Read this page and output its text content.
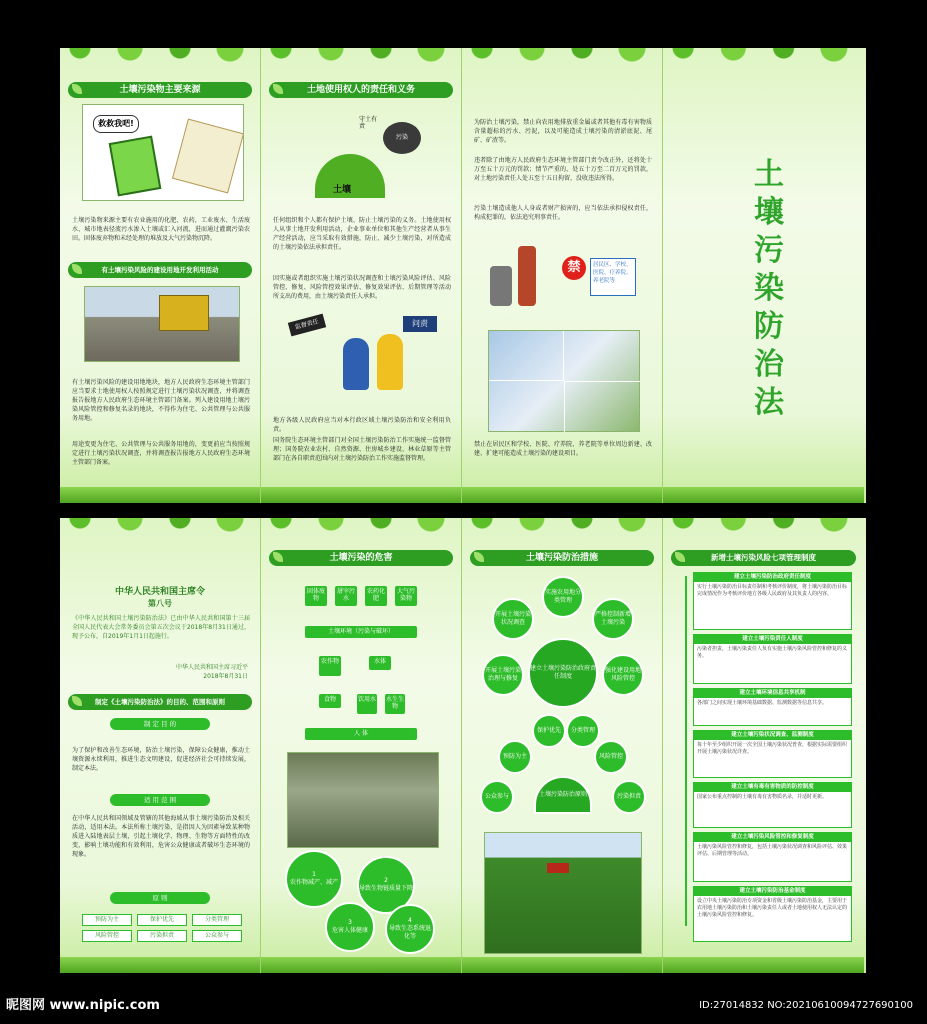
土壤污染物主要来源
救救我吧!

土壤污染物来源主要有农业施用的化肥、农药，工业废水、生活废水、城市地表径流污水渗入土壤或汇入河流，进而通过灌溉污染农田。固体废弃物和未经处理的堆放及大气污染物沉降。

有土壤污染风险的建设用地开发利用活动

有土壤污染风险的建设用地地块，地方人民政府生态环境主管部门应当要求土地使用权人按照规定进行土壤污染状况调查，并将调查报告报地方人民政府生态环境主管部门备案。列入建设用地土壤污染风险管控和修复名录的地块，不得作为住宅、公共管理与公共服务用地。

用途变更为住宅、公共管理与公共服务用地的，变更前应当按照规定进行土壤污染状况调查，并将调查报告报地方人民政府生态环境主管部门备案。

土地使用权人的责任和义务
土壤
守土有责
污染

任何组织和个人都有保护土壤、防止土壤污染的义务。土地使用权人从事土地开发利用活动，企业事业单位和其他生产经营者从事生产经营活动，应当采取有效措施，防止、减少土壤污染，对所造成的土壤污染依法承担责任。

因实施或者组织实施土壤污染状况调查和土壤污染风险评估、风险管控、修复、风险管控效果评估、修复效果评估、后期管理等活动所支出的费用，由土壤污染责任人承担。

监督责任	问责

地方各级人民政府应当对本行政区域土壤污染防治和安全利用负责。

国务院生态环境主管部门对全国土壤污染防治工作实施统一监督管理；国务院农业农村、自然资源、住房城乡建设、林业草原等主管部门在各自职责范围内对土壤污染防治工作实施监督管理。

为防治土壤污染，禁止向农用地排放重金属或者其他有毒有害物质含量超标的污水、污泥，以及可能造成土壤污染的清淤底泥、尾矿、矿渣等。

违者除了由地方人民政府生态环境主管部门责令改正外，还将处十万至五十万元的罚款；情节严重的，处五十万至二百万元的罚款，对土地污染责任人处五至十五日拘留，没收违法所得。

污染土壤造成他人人身或者财产损害的，应当依法承担侵权责任，构成犯罪的，依法追究刑事责任。

禁	居民区、学校、医院、疗养院、养老院等

禁止在居民区和学校、医院、疗养院、养老院等单位周边新建、改建、扩建可能造成土壤污染的建设项目。

土壤污染防治法
中华人民共和国主席令
第八号

《中华人民共和国土壤污染防治法》已由中华人民共和国第十三届全国人民代表大会常务委员会第五次会议于2018年8月31日通过，现予公布，自2019年1月1日起施行。

中华人民共和国主席习近平
2018年8月31日
制定《土壤污染防治法》的目的、范围和原则
制 定 目 的

为了保护和改善生态环境，防治土壤污染，保障公众健康，推动土壤资源永续利用，推进生态文明建设，促进经济社会可持续发展，制定本法。

适 用 范 围

在中华人民共和国领域及管辖的其他海域从事土壤污染防治及相关活动，适用本法。本法所称土壤污染，是指因人为因素导致某种物质进入陆地表层土壤，引起土壤化学、物理、生物等方面特性的改变，影响土壤功能和有效利用，危害公众健康或者破坏生态环境的现象。

原 则
预防为主	保护优先	分类管理
风险管控	污染担责	公众参与
土壤污染的危害
固体废物
屠宰污水
农药化肥
大气污染物
土壤环境（污染与破坏）
农作物	水体
食物	饮用水 水生生物
人 体
1
农作物减产、减产	2
导致生物链质量下降
3
危害人体健康
4
导致生态系统退化等
土壤污染防治措施
建立土壤污染防治政府责任制度
实施农用地分类管理
严格控制新增土壤污染
强化建设用地风险管控
开展土壤污染治理与修复
开展土壤污染状况调查
土壤污染防治原则
公众参与
预防为主
保护优先	分类管理
风险管控
污染担责
新增土壤污染风险七项管理制度
建立土壤污染防治政府责任制度
实行土壤污染防治目标责任制和考核评价制度，将土壤污染防治目标完成情况作为考核评价地方各级人民政府及其负责人的内容。
建立土壤污染责任人制度
污染者担责，土壤污染责任人负有实施土壤污染风险管控和修复的义务。
建立土壤环境信息共享机制
各部门之间实现土壤环境基础数据、监测数据等信息共享。
建立土壤污染状况调查、监测制度
每十年至少组织开展一次全国土壤污染状况普查，根据实际需要组织开展土壤污染状况详查。
建立土壤有毒有害物质的防控制度
国家公布重点控制的土壤有毒有害物质名录，并适时更新。
建立土壤污染风险管控和修复制度
土壤污染风险管控和修复，包括土壤污染状况调查和风险评估、效果评估、后期管理等活动。
建立土壤污染防治基金制度
设立中央土壤污染防治专项资金和省级土壤污染防治基金，主要用于农用地土壤污染防治和土壤污染责任人或者土地使用权人无法认定的土壤污染风险管控和修复。
昵图网 www.nipic.com	ID:27014832 NO:20210610094727690100
